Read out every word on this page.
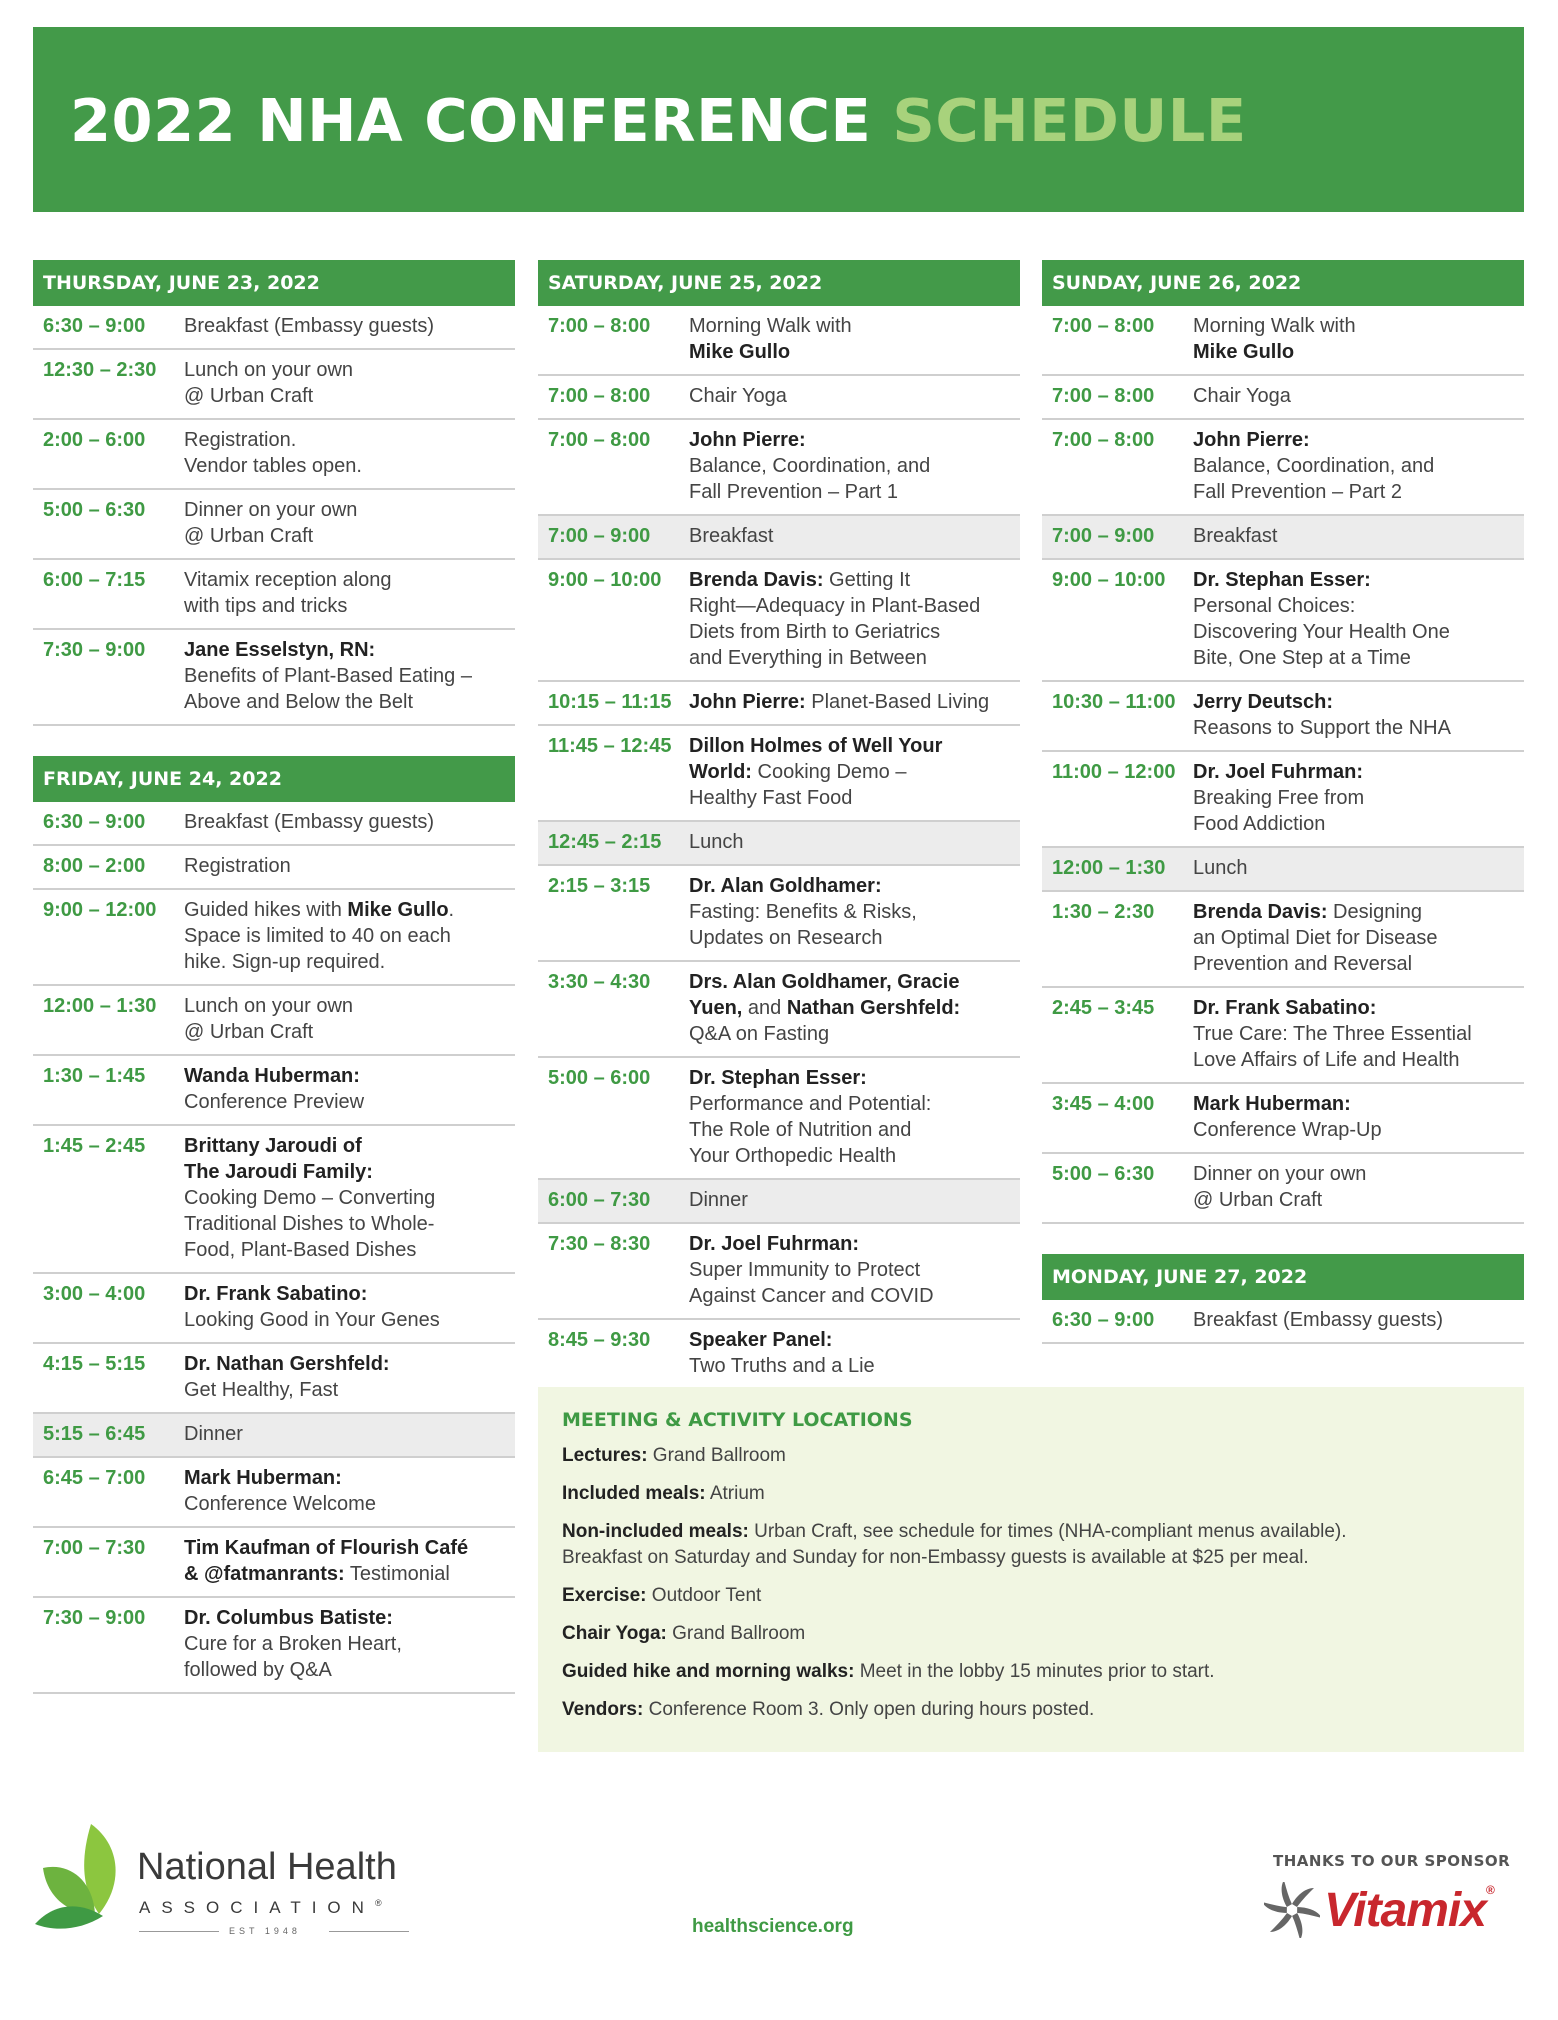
2022 NHA CONFERENCE SCHEDULE
THURSDAY, JUNE 23, 2022
6:30 – 9:00	Breakfast (Embassy guests)
12:30 – 2:30	Lunch on your own
@ Urban Craft
2:00 – 6:00	Registration.
Vendor tables open.
5:00 – 6:30	Dinner on your own
@ Urban Craft
6:00 – 7:15	Vitamix reception along
with tips and tricks
7:30 – 9:00	Jane Esselstyn, RN:
Benefits of Plant-Based Eating –
Above and Below the Belt
FRIDAY, JUNE 24, 2022
6:30 – 9:00	Breakfast (Embassy guests)
8:00 – 2:00	Registration
9:00 – 12:00	Guided hikes with Mike Gullo.
Space is limited to 40 on each
hike. Sign-up required.
12:00 – 1:30	Lunch on your own
@ Urban Craft
1:30 – 1:45	Wanda Huberman:
Conference Preview
1:45 – 2:45	Brittany Jaroudi of
The Jaroudi Family:
Cooking Demo – Converting
Traditional Dishes to Whole-
Food, Plant-Based Dishes
3:00 – 4:00	Dr. Frank Sabatino:
Looking Good in Your Genes
4:15 – 5:15	Dr. Nathan Gershfeld:
Get Healthy, Fast
5:15 – 6:45	Dinner
6:45 – 7:00	Mark Huberman:
Conference Welcome
7:00 – 7:30	Tim Kaufman of Flourish Café
& @fatmanrants: Testimonial
7:30 – 9:00	Dr. Columbus Batiste:
Cure for a Broken Heart,
followed by Q&A
SATURDAY, JUNE 25, 2022
7:00 – 8:00	Morning Walk with
Mike Gullo
7:00 – 8:00	Chair Yoga
7:00 – 8:00	John Pierre:
Balance, Coordination, and
Fall Prevention – Part 1
7:00 – 9:00	Breakfast
9:00 – 10:00	Brenda Davis: Getting It
Right—Adequacy in Plant-Based
Diets from Birth to Geriatrics
and Everything in Between
10:15 – 11:15 John Pierre: Planet-Based Living
11:45 – 12:45 Dillon Holmes of Well Your
World: Cooking Demo –
Healthy Fast Food
12:45 – 2:15	Lunch
2:15 – 3:15	Dr. Alan Goldhamer:
Fasting: Benefits & Risks,
Updates on Research
3:30 – 4:30	Drs. Alan Goldhamer, Gracie
Yuen, and Nathan Gershfeld:
Q&A on Fasting
5:00 – 6:00	Dr. Stephan Esser:
Performance and Potential:
The Role of Nutrition and
Your Orthopedic Health
6:00 – 7:30	Dinner
7:30 – 8:30	Dr. Joel Fuhrman:
Super Immunity to Protect
Against Cancer and COVID
8:45 – 9:30	Speaker Panel:
Two Truths and a Lie
SUNDAY, JUNE 26, 2022
7:00 – 8:00	Morning Walk with
Mike Gullo
7:00 – 8:00	Chair Yoga
7:00 – 8:00	John Pierre:
Balance, Coordination, and
Fall Prevention – Part 2
7:00 – 9:00	Breakfast
9:00 – 10:00	Dr. Stephan Esser:
Personal Choices:
Discovering Your Health One
Bite, One Step at a Time
10:30 – 11:00 Jerry Deutsch:
Reasons to Support the NHA
11:00 – 12:00 Dr. Joel Fuhrman:
Breaking Free from
Food Addiction
12:00 – 1:30	Lunch
1:30 – 2:30	Brenda Davis: Designing
an Optimal Diet for Disease
Prevention and Reversal
2:45 – 3:45	Dr. Frank Sabatino:
True Care: The Three Essential
Love Affairs of Life and Health
3:45 – 4:00	Mark Huberman:
Conference Wrap-Up
5:00 – 6:30	Dinner on your own
@ Urban Craft
MONDAY, JUNE 27, 2022
6:30 – 9:00	Breakfast (Embassy guests)
MEETING & ACTIVITY LOCATIONS
Lectures: Grand Ballroom
Included meals: Atrium
Non-included meals: Urban Craft, see schedule for times (NHA-compliant menus available).
Breakfast on Saturday and Sunday for non-Embassy guests is available at $25 per meal.
Exercise: Outdoor Tent
Chair Yoga: Grand Ballroom
Guided hike and morning walks: Meet in the lobby 15 minutes prior to start.
Vendors: Conference Room 3. Only open during hours posted.
National Health
ASSOCIATION®
EST 1948	healthscience.org
THANKS TO OUR SPONSOR
Vitamix®
